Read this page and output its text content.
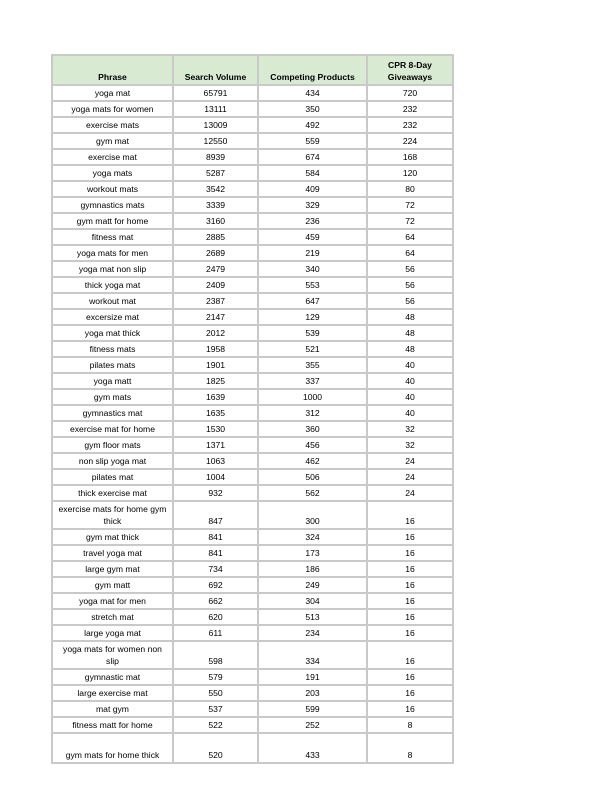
Phrase	Search Volume	Competing Products	CPR 8-Day Giveaways
yoga mat	65791	434	720
yoga mats for women	13111	350	232
exercise mats	13009	492	232
gym mat	12550	559	224
exercise mat	8939	674	168
yoga mats	5287	584	120
workout mats	3542	409	80
gymnastics mats	3339	329	72
gym matt for home	3160	236	72
fitness mat	2885	459	64
yoga mats for men	2689	219	64
yoga mat non slip	2479	340	56
thick yoga mat	2409	553	56
workout mat	2387	647	56
excersize mat	2147	129	48
yoga mat thick	2012	539	48
fitness mats	1958	521	48
pilates mats	1901	355	40
yoga matt	1825	337	40
gym mats	1639	1000	40
gymnastics mat	1635	312	40
exercise mat for home	1530	360	32
gym floor mats	1371	456	32
non slip yoga mat	1063	462	24
pilates mat	1004	506	24
thick exercise mat	932	562	24
exercise mats for home gym thick	847	300	16
gym mat thick	841	324	16
travel yoga mat	841	173	16
large gym mat	734	186	16
gym matt	692	249	16
yoga mat for men	662	304	16
stretch mat	620	513	16
large yoga mat	611	234	16
yoga mats for women non slip	598	334	16
gymnastic mat	579	191	16
large exercise mat	550	203	16
mat gym	537	599	16
fitness matt for home	522	252	8
gym mats for home thick	520	433	8
